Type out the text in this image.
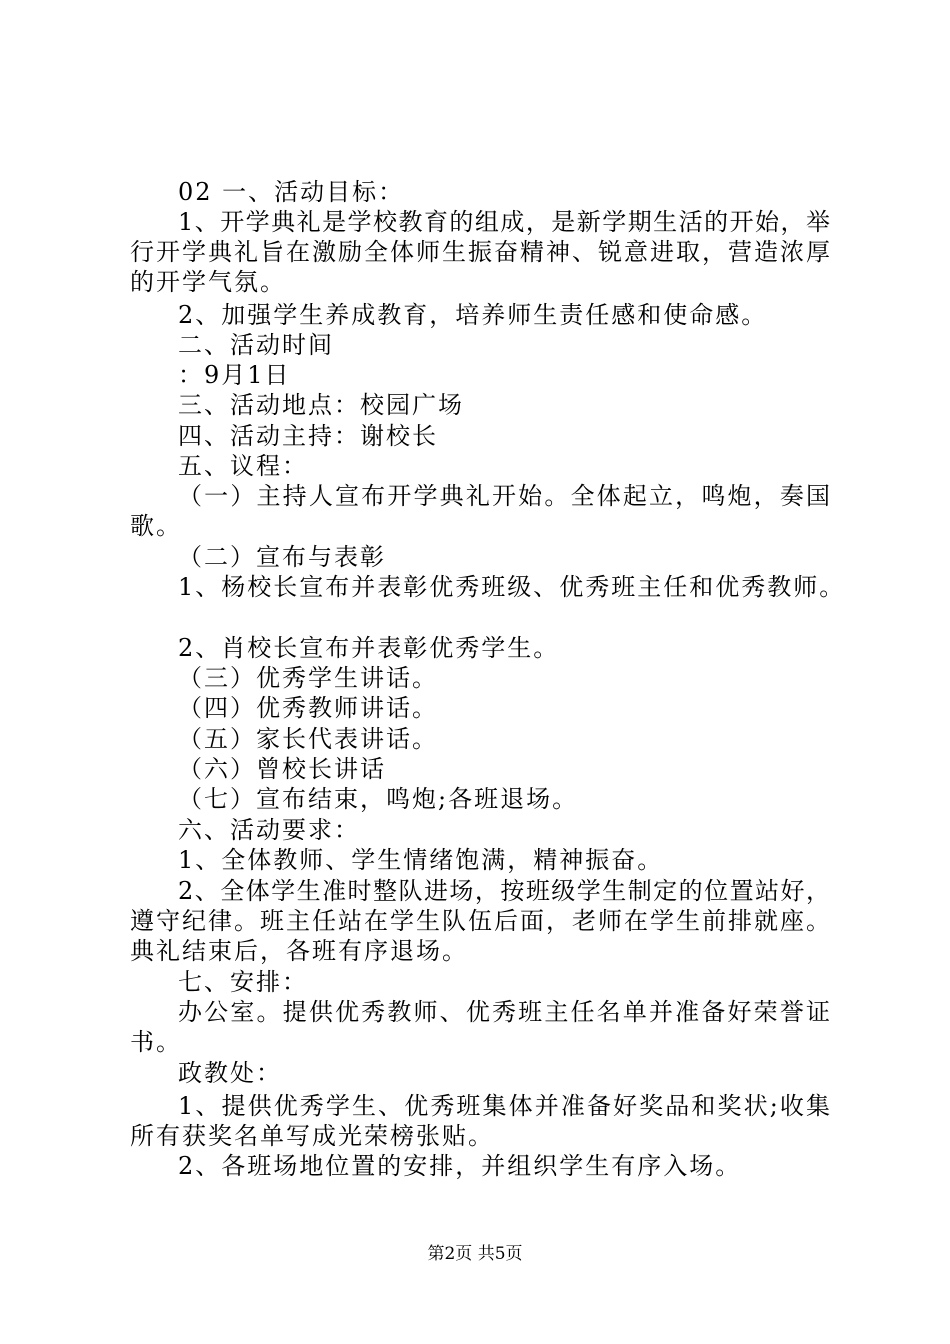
02 一、活动目标：
1、开学典礼是学校教育的组成，是新学期生活的开始，举
行开学典礼旨在激励全体师生振奋精神、锐意进取，营造浓厚
的开学气氛。
2、加强学生养成教育，培养师生责任感和使命感。
二、活动时间
：9月1日
三、活动地点：校园广场
四、活动主持：谢校长
五、议程：
（一）主持人宣布开学典礼开始。全体起立，鸣炮，奏国
歌。
（二）宣布与表彰
1、杨校长宣布并表彰优秀班级、优秀班主任和优秀教师。
2、肖校长宣布并表彰优秀学生。
（三）优秀学生讲话。
（四）优秀教师讲话。
（五）家长代表讲话。
（六）曾校长讲话
（七）宣布结束，鸣炮;各班退场。
六、活动要求：
1、全体教师、学生情绪饱满，精神振奋。
2、全体学生准时整队进场，按班级学生制定的位置站好，
遵守纪律。班主任站在学生队伍后面，老师在学生前排就座。
典礼结束后，各班有序退场。
七、安排：
办公室。提供优秀教师、优秀班主任名单并准备好荣誉证
书。
政教处：
1、提供优秀学生、优秀班集体并准备好奖品和奖状;收集
所有获奖名单写成光荣榜张贴。
2、各班场地位置的安排，并组织学生有序入场。
第2页 共5页
